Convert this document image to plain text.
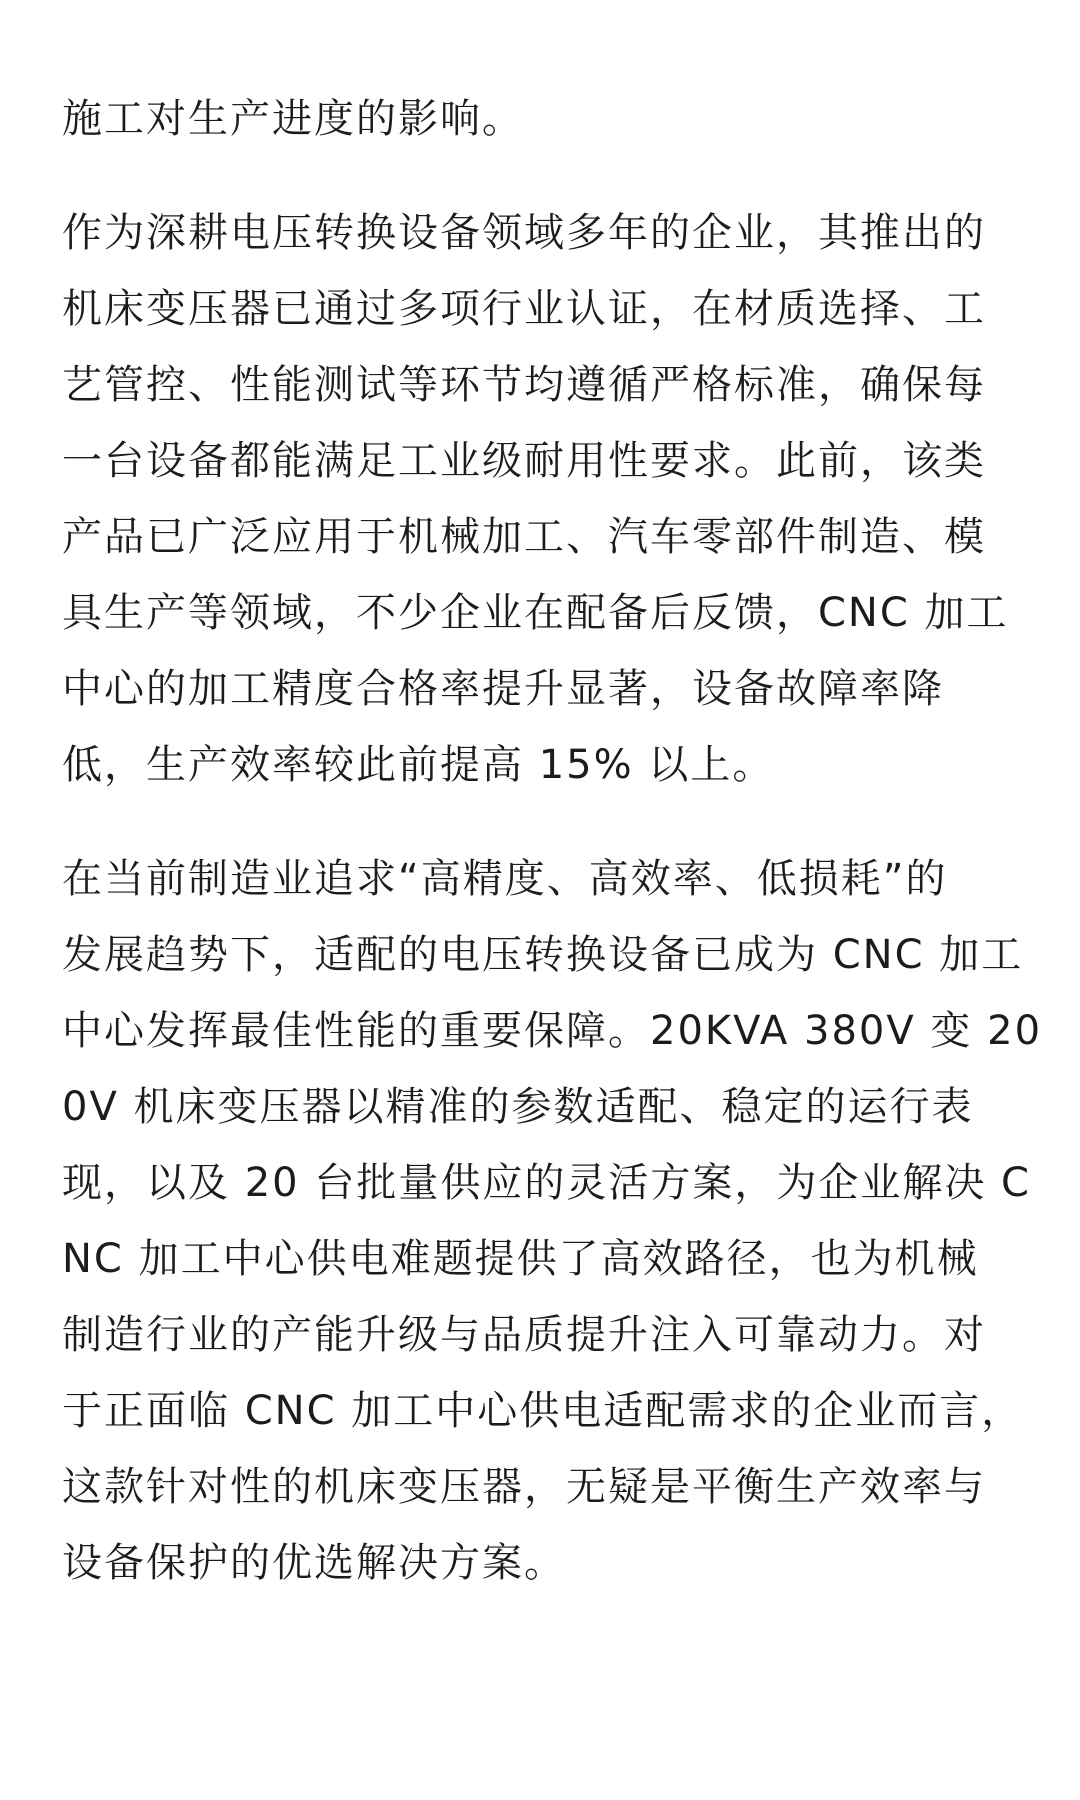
施工对生产进度的影响。

作为深耕电压转换设备领域多年的企业，其推出的
机床变压器已通过多项行业认证，在材质选择、工
艺管控、性能测试等环节均遵循严格标准，确保每
一台设备都能满足工业级耐用性要求。此前，该类
产品已广泛应用于机械加工、汽车零部件制造、模
具生产等领域，不少企业在配备后反馈，CNC 加工
中心的加工精度合格率提升显著，设备故障率降
低，生产效率较此前提高 15% 以上。

在当前制造业追求“高精度、高效率、低损耗”的
发展趋势下，适配的电压转换设备已成为 CNC 加工
中心发挥最佳性能的重要保障。20KVA 380V 变 20
0V 机床变压器以精准的参数适配、稳定的运行表
现，以及 20 台批量供应的灵活方案，为企业解决 C
NC 加工中心供电难题提供了高效路径，也为机械
制造行业的产能升级与品质提升注入可靠动力。对
于正面临 CNC 加工中心供电适配需求的企业而言，
这款针对性的机床变压器，无疑是平衡生产效率与
设备保护的优选解决方案。
